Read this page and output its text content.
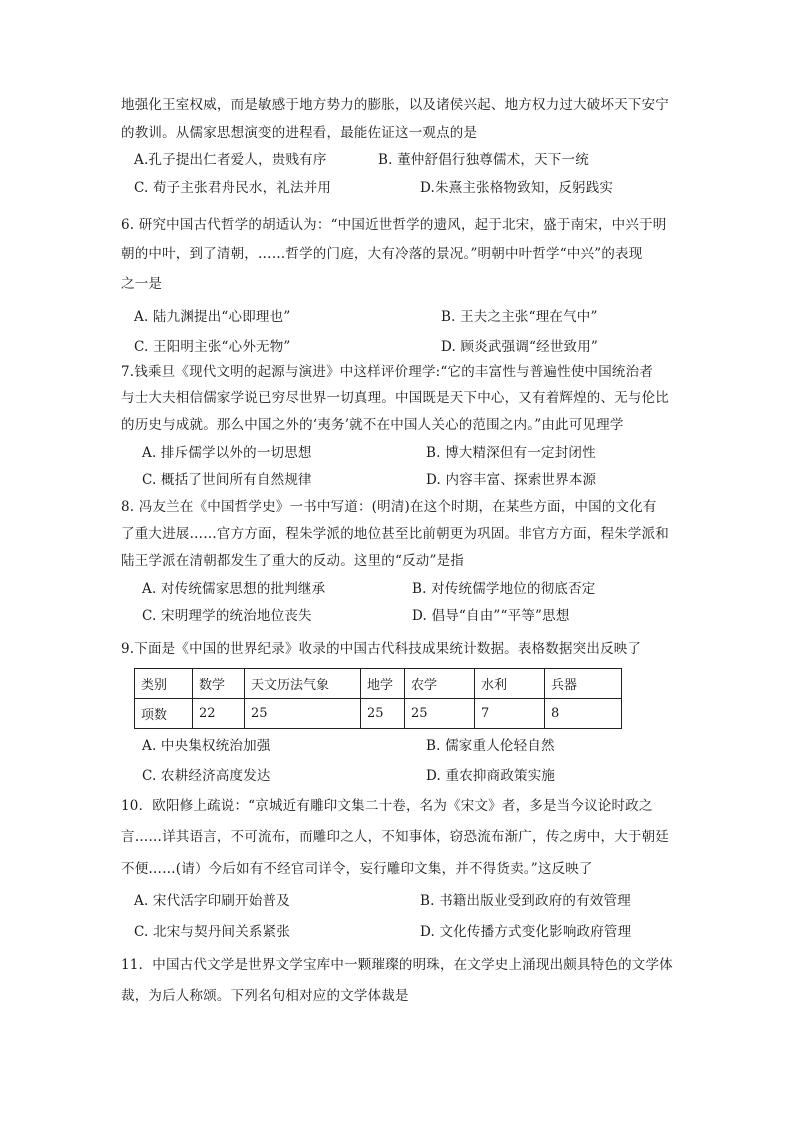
地强化王室权威，而是敏感于地方势力的膨胀，以及诸侯兴起、地方权力过大破坏天下安宁
的教训。从儒家思想演变的进程看，最能佐证这一观点的是
A.孔子提出仁者爱人，贵贱有序	B. 董仲舒倡行独尊儒术，天下一统
C. 荀子主张君舟民水，礼法并用	D.朱熹主张格物致知，反躬践实
6. 研究中国古代哲学的胡适认为：“中国近世哲学的遗风，起于北宋，盛于南宋，中兴于明
朝的中叶，到了清朝，……哲学的门庭，大有冷落的景况。”明朝中叶哲学“中兴”的表现
之一是
A. 陆九渊提出“心即理也”	B. 王夫之主张“理在气中”
C. 王阳明主张“心外无物”	D. 顾炎武强调“经世致用”
7.钱乘旦《现代文明的起源与演进》中这样评价理学:“它的丰富性与普遍性使中国统治者
与士大夫相信儒家学说已穷尽世界一切真理。中国既是天下中心，又有着辉煌的、无与伦比
的历史与成就。那么中国之外的‘夷务’就不在中国人关心的范围之内。”由此可见理学
A. 排斥儒学以外的一切思想	B. 博大精深但有一定封闭性
C. 概括了世间所有自然规律	D. 内容丰富、探索世界本源
8. 冯友兰在《中国哲学史》一书中写道：(明清)在这个时期，在某些方面，中国的文化有
了重大进展……官方方面，程朱学派的地位甚至比前朝更为巩固。非官方方面，程朱学派和
陆王学派在清朝都发生了重大的反动。这里的“反动”是指
A. 对传统儒家思想的批判继承	B. 对传统儒学地位的彻底否定
C. 宋明理学的统治地位丧失	D. 倡导“自由”“平等”思想
9.下面是《中国的世界纪录》收录的中国古代科技成果统计数据。表格数据突出反映了
类别	数学	天文历法气象	地学	农学	水利	兵器
项数	22	25	25	25	7	8
A. 中央集权统治加强	B. 儒家重人伦轻自然
C. 农耕经济高度发达	D. 重农抑商政策实施
10．欧阳修上疏说：“京城近有雕印文集二十卷，名为《宋文》者，多是当今议论时政之
言……详其语言，不可流布，而雕印之人，不知事体，窃恐流布渐广，传之虏中，大于朝廷
不便……(请）今后如有不经官司详令，妄行雕印文集，并不得货卖。”这反映了
A. 宋代活字印刷开始普及	B. 书籍出版业受到政府的有效管理
C. 北宋与契丹间关系紧张	D. 文化传播方式变化影响政府管理
11．中国古代文学是世界文学宝库中一颗璀璨的明珠，在文学史上涌现出颇具特色的文学体
裁，为后人称颂。下列名句相对应的文学体裁是
